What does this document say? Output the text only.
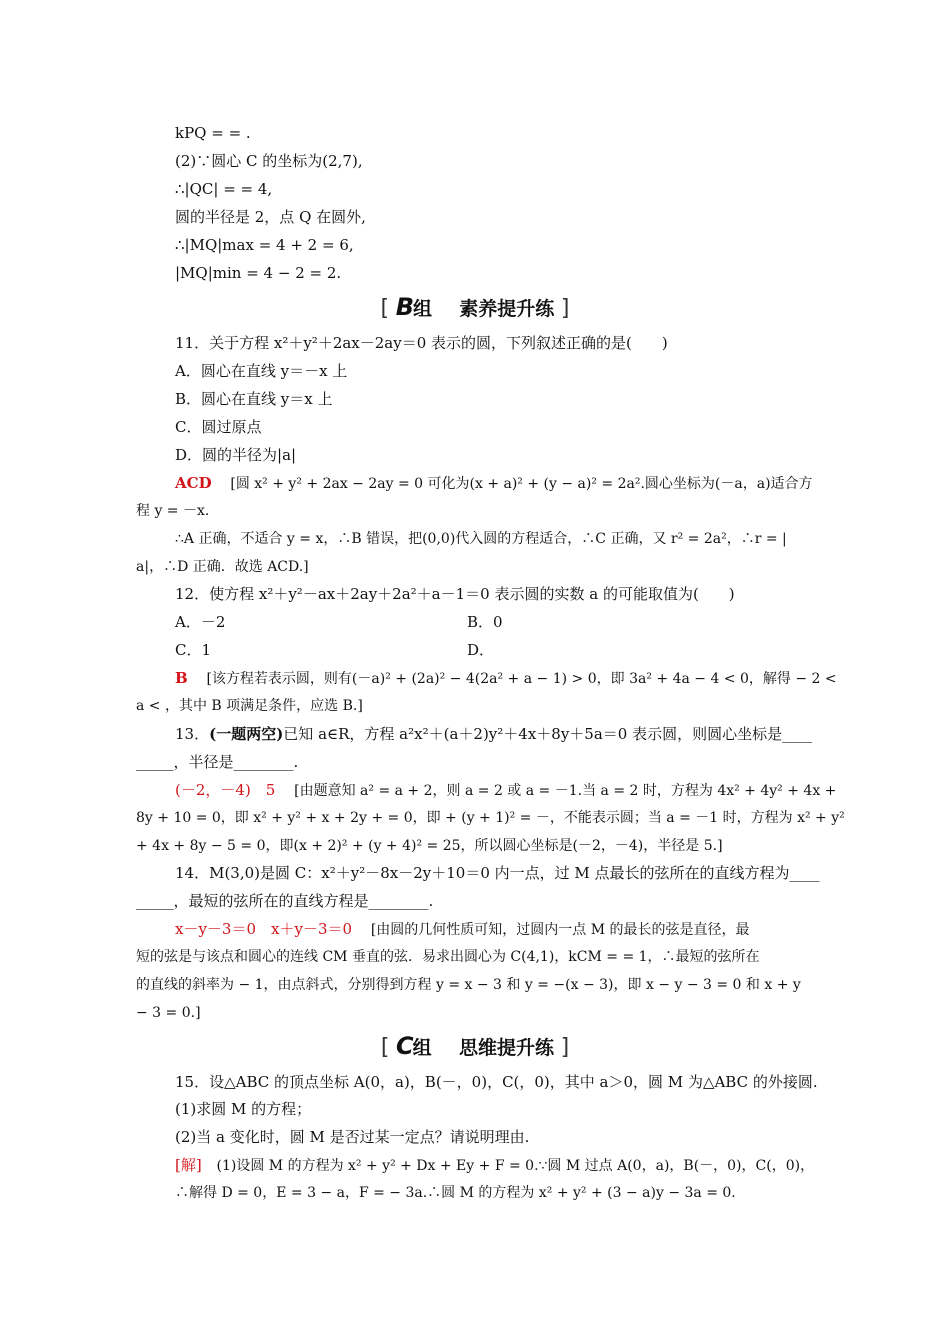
kPQ = = .
(2)∵圆心 C 的坐标为(2,7),
∴|QC| = = 4,
圆的半径是 2，点 Q 在圆外,
∴|MQ|max = 4 + 2 = 6,
|MQ|min = 4 − 2 = 2.
[ B组 素养提升练 ]
11．关于方程 x²＋y²＋2ax－2ay＝0 表示的圆，下列叙述正确的是(　　)
A．圆心在直线 y＝－x 上
B．圆心在直线 y＝x 上
C．圆过原点
D．圆的半径为|a|
ACD [圆 x² + y² + 2ax − 2ay = 0 可化为(x + a)² + (y − a)² = 2a².圆心坐标为(－a，a)适合方
程 y = －x.
∴A 正确，不适合 y = x，∴B 错误，把(0,0)代入圆的方程适合，∴C 正确，又 r² = 2a²，∴r = |
a|，∴D 正确．故选 ACD.]
12．使方程 x²＋y²－ax＋2ay＋2a²＋a－1＝0 表示圆的实数 a 的可能取值为(　　)
A．－2	B．0
C．1	D．
B [该方程若表示圆，则有(－a)² + (2a)² − 4(2a² + a − 1) > 0，即 3a² + 4a − 4 < 0，解得 − 2 <
a < ，其中 B 项满足条件，应选 B.]
13．(一题两空)已知 a∈R，方程 a²x²＋(a＋2)y²＋4x＋8y＋5a＝0 表示圆，则圆心坐标是____
_____，半径是________.
(－2，－4)　5 [由题意知 a² = a + 2，则 a = 2 或 a = －1.当 a = 2 时，方程为 4x² + 4y² + 4x +
8y + 10 = 0，即 x² + y² + x + 2y + = 0，即 + (y + 1)² = －，不能表示圆；当 a = －1 时，方程为 x² + y²
+ 4x + 8y − 5 = 0，即(x + 2)² + (y + 4)² = 25，所以圆心坐标是(－2，－4)，半径是 5.]
14．M(3,0)是圆 C：x²＋y²－8x－2y＋10＝0 内一点，过 M 点最长的弦所在的直线方程为____
_____，最短的弦所在的直线方程是________.
x－y－3＝0　x＋y－3＝0 [由圆的几何性质可知，过圆内一点 M 的最长的弦是直径，最
短的弦是与该点和圆心的连线 CM 垂直的弦．易求出圆心为 C(4,1)，kCM = = 1，∴最短的弦所在
的直线的斜率为 − 1，由点斜式，分别得到方程 y = x − 3 和 y = −(x − 3)，即 x − y − 3 = 0 和 x + y
− 3 = 0.]
[ C组 思维提升练 ]
15．设△ABC 的顶点坐标 A(0，a)，B(－，0)，C(，0)，其中 a＞0，圆 M 为△ABC 的外接圆.
(1)求圆 M 的方程；
(2)当 a 变化时，圆 M 是否过某一定点？请说明理由.
[解] (1)设圆 M 的方程为 x² + y² + Dx + Ey + F = 0.∵圆 M 过点 A(0，a)，B(－，0)，C(，0)，
∴解得 D = 0，E = 3 − a，F = − 3a.∴圆 M 的方程为 x² + y² + (3 − a)y − 3a = 0.
